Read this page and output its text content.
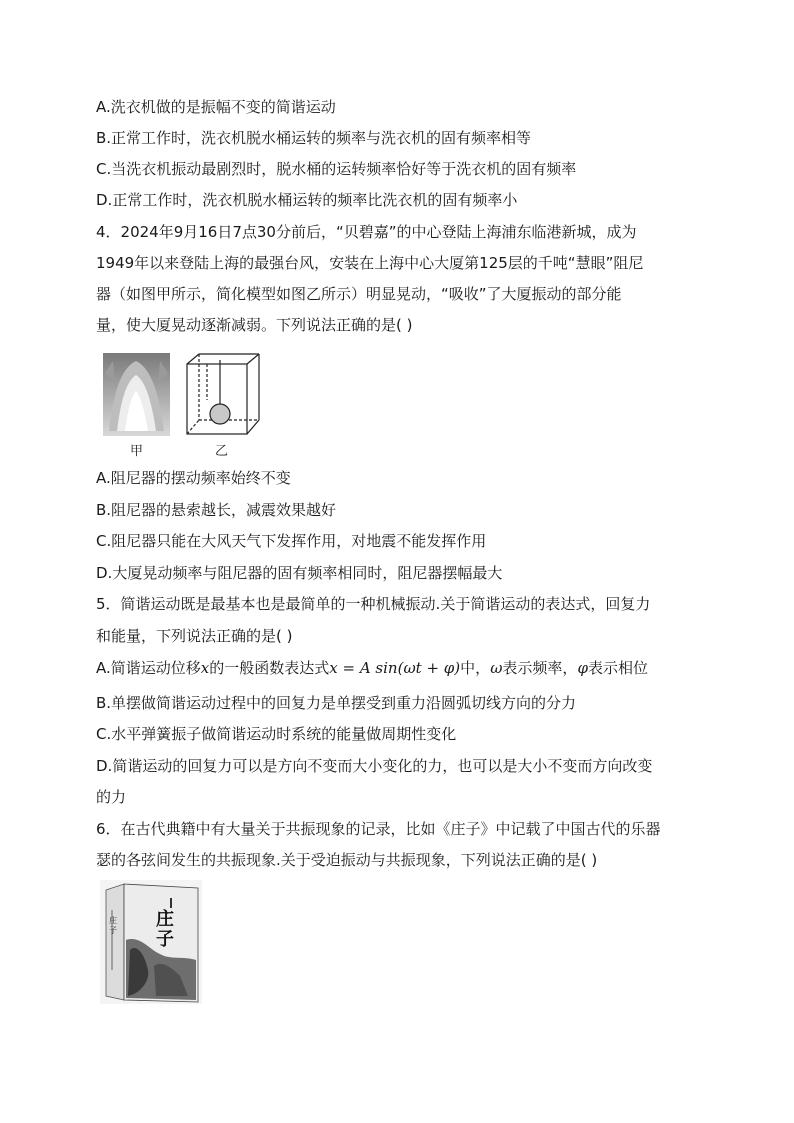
A.洗衣机做的是振幅不变的简谐运动
B.正常工作时，洗衣机脱水桶运转的频率与洗衣机的固有频率相等
C.当洗衣机振动最剧烈时，脱水桶的运转频率恰好等于洗衣机的固有频率
D.正常工作时，洗衣机脱水桶运转的频率比洗衣机的固有频率小
4．2024年9月16日7点30分前后，“贝碧嘉”的中心登陆上海浦东临港新城，成为
1949年以来登陆上海的最强台风，安装在上海中心大厦第125层的千吨“慧眼”阻尼
器（如图甲所示，简化模型如图乙所示）明显晃动，“吸收”了大厦振动的部分能
量，使大厦晃动逐渐减弱。下列说法正确的是( )
甲	乙
A.阻尼器的摆动频率始终不变
B.阻尼器的悬索越长，减震效果越好
C.阻尼器只能在大风天气下发挥作用，对地震不能发挥作用
D.大厦晃动频率与阻尼器的固有频率相同时，阻尼器摆幅最大
5．简谐运动既是最基本也是最简单的一种机械振动.关于简谐运动的表达式，回复力
和能量，下列说法正确的是( )
A.简谐运动位移x的一般函数表达式x = A sin(ωt + φ)中，ω表示频率，φ表示相位
B.单摆做简谐运动过程中的回复力是单摆受到重力沿圆弧切线方向的分力
C.水平弹簧振子做简谐运动时系统的能量做周期性变化
D.简谐运动的回复力可以是方向不变而大小变化的力，也可以是大小不变而方向改变
的力
6．在古代典籍中有大量关于共振现象的记录，比如《庄子》中记载了中国古代的乐器
瑟的各弦间发生的共振现象.关于受迫振动与共振现象，下列说法正确的是( )
庄子
庄子
